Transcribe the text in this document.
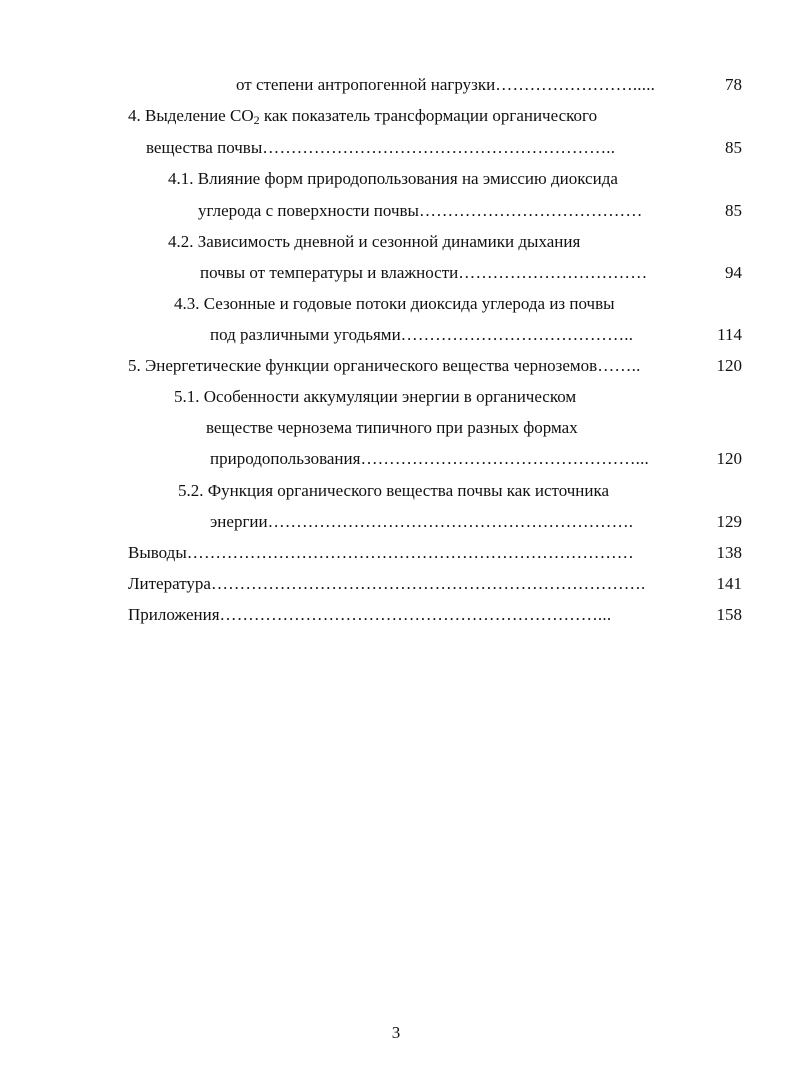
от степени антропогенной нагрузки…………………….....	78
4. Выделение $CO_2$ как показатель трансформации органического
вещества почвы……………………………………………………..	85
4.1. Влияние форм природопользования на эмиссию диоксида
углерода с поверхности почвы…………………………………	85
4.2. Зависимость дневной и сезонной динамики дыхания
почвы от температуры и влажности……………………………	94
4.3. Сезонные и годовые потоки диоксида углерода из почвы
под различными угодьями…………………………………..	114
5. Энергетические функции органического вещества черноземов……..	120
5.1. Особенности аккумуляции энергии в органическом
веществе чернозема типичного при разных формах
природопользования…………………………………………...	120
5.2. Функция органического вещества почвы как источника
энергии……………………………………………………….	129
Выводы……………………………………………………………………	138
Литература………………………………………………………………….	141
Приложения…………………………………………………………...	158
3
